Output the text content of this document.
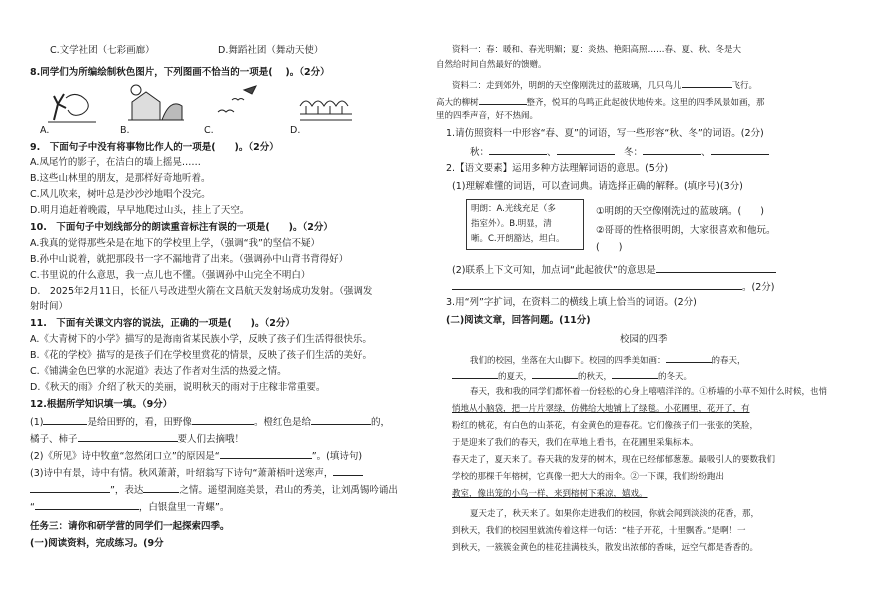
C.文学社团（七彩画廊）	D.舞蹈社团（舞动天使）
8.同学们为所编绘制秋色图片，下列图画不恰当的一项是(　 )。（2分）
A.	B.	C.	D.
9.　下面句子中没有将事物比作人的一项是(　　)。（2分）
A.凤尾竹的影子，在洁白的墙上摇晃……
B.这些山林里的朋友，是那样好奇地听着。
C.风儿吹来，树叶总是沙沙沙地唱个没完。
D.明月追赶着晚霞，早早地爬过山头，挂上了天空。
10.　下面句子中划线部分的朗读重音标注有误的一项是(　　)。（2分）
A.我真的觉得那些朵是在地下的学校里上学，（强调“我”的坚信不疑）
B.孙中山说着，就把那段书一字不漏地背了出来。（强调孙中山背书背得好）
C.书里说的什么意思，我一点儿也不懂。（强调孙中山完全不明白）
D.　2025年2月11日，长征八号改进型火箭在文昌航天发射场成功发射。（强调发
射时间）
11.　下面有关课文内容的说法，正确的一项是(　　)。（2分）
A.《大青树下的小学》描写的是海南省某民族小学，反映了孩子们生活得很快乐。
B.《花的学校》描写的是孩子们在学校里赏花的情景，反映了孩子们生活的美好。
C.《铺满金色巴掌的水泥道》表达了作者对生活的热爱之情。
D.《秋天的雨》介绍了秋天的美丽，说明秋天的雨对于庄稼非常重要。
12.根据所学知识填一填。（9分）
(1)	是给田野的，看，田野像	。橙红色是给	的，
橘子、柿子	要人们去摘哦！
(2)《所见》诗中牧童“忽然闭口立”的原因是“	”。(填诗句)
(3)诗中有景，诗中有情。秋风萧萧，叶绍翁写下诗句“萧萧梧叶送寒声，
”，表达	之情。遥望洞庭美景，君山的秀美，让刘禹锡吟诵出
“	，白银盘里一青螺”。
任务三：请你和研学营的同学们一起探索四季。
(一)阅读资料，完成练习。(9分
资料一：春：暖和、春光明媚；夏：炎热、艳阳高照……春、夏、秋、冬是大
自然给时间自然最好的馈赠。
资料二：走到郊外，明朗的天空像刚洗过的蓝玻璃，几只鸟儿	飞行。
高大的柳树	整齐，悦耳的鸟鸣正此起彼伏地传来。这里的四季风景如画，那
里的四季声音，好不热闹。
1.请仿照资料一中形容“春、夏”的词语，写一些形容“秋、冬”的词语。(2分)
秋：	、　	冬：	、
2.【语文要素】运用多种方法理解词语的意思。(5分)
(1)理解难懂的词语，可以查词典。请选择正确的解释。(填序号)(3分)
明朗：A.光线充足（多
指室外）。B.明显，清
晰。C.开朗豁达，坦白。
①明朗的天空像刚洗过的蓝玻璃。(　　)
②哥哥的性格很明朗，大家很喜欢和他玩。
(　　)
(2)联系上下文可知，加点词“此起彼伏”的意思是
。(2分)
3.用“列”字扩词，在资料二的横线上填上恰当的词语。(2分)
(二)阅读文章，回答问题。(11分)
校园的四季
我们的校园，坐落在大山脚下。校园的四季美如画：	的春天，
的夏天，	的秋天，	的冬天。
春天，我和我的同学们都怀着一份轻松的心身上嘻嘻洋洋的。①桥墙的小草不知什么时候，也悄
悄地从小脑袋，把一片片翠绿，仿佛给大地铺上了绿毯。小花圃里，花开了，有
粉红的桃花，有白色的山茶花，有金黄色的迎春花。它们像孩子们一张张的笑脸，
于是迎来了我们的春天，我们在草地上看书，在花圃里采集标本。
春天走了，夏天来了。春天栽的发芽的树木，现在已经郁郁葱葱。最吸引人的要数我们
学校的那棵千年榕树，它真像一把大大的雨伞。②一下课，我们纷纷跑出
教室，像出笼的小鸟一样，来到榕树下乘凉，嬉戏。
夏天走了，秋天来了。如果你走进我们的校园，你就会闻到淡淡的花香，那，
到秋天，我们的校园里就流传着这样一句话：“桂子开花，十里飘香。”是啊！一
到秋天，一簇簇金黄色的桂花挂满枝头，散发出浓郁的香味，远空气都是香香的。
